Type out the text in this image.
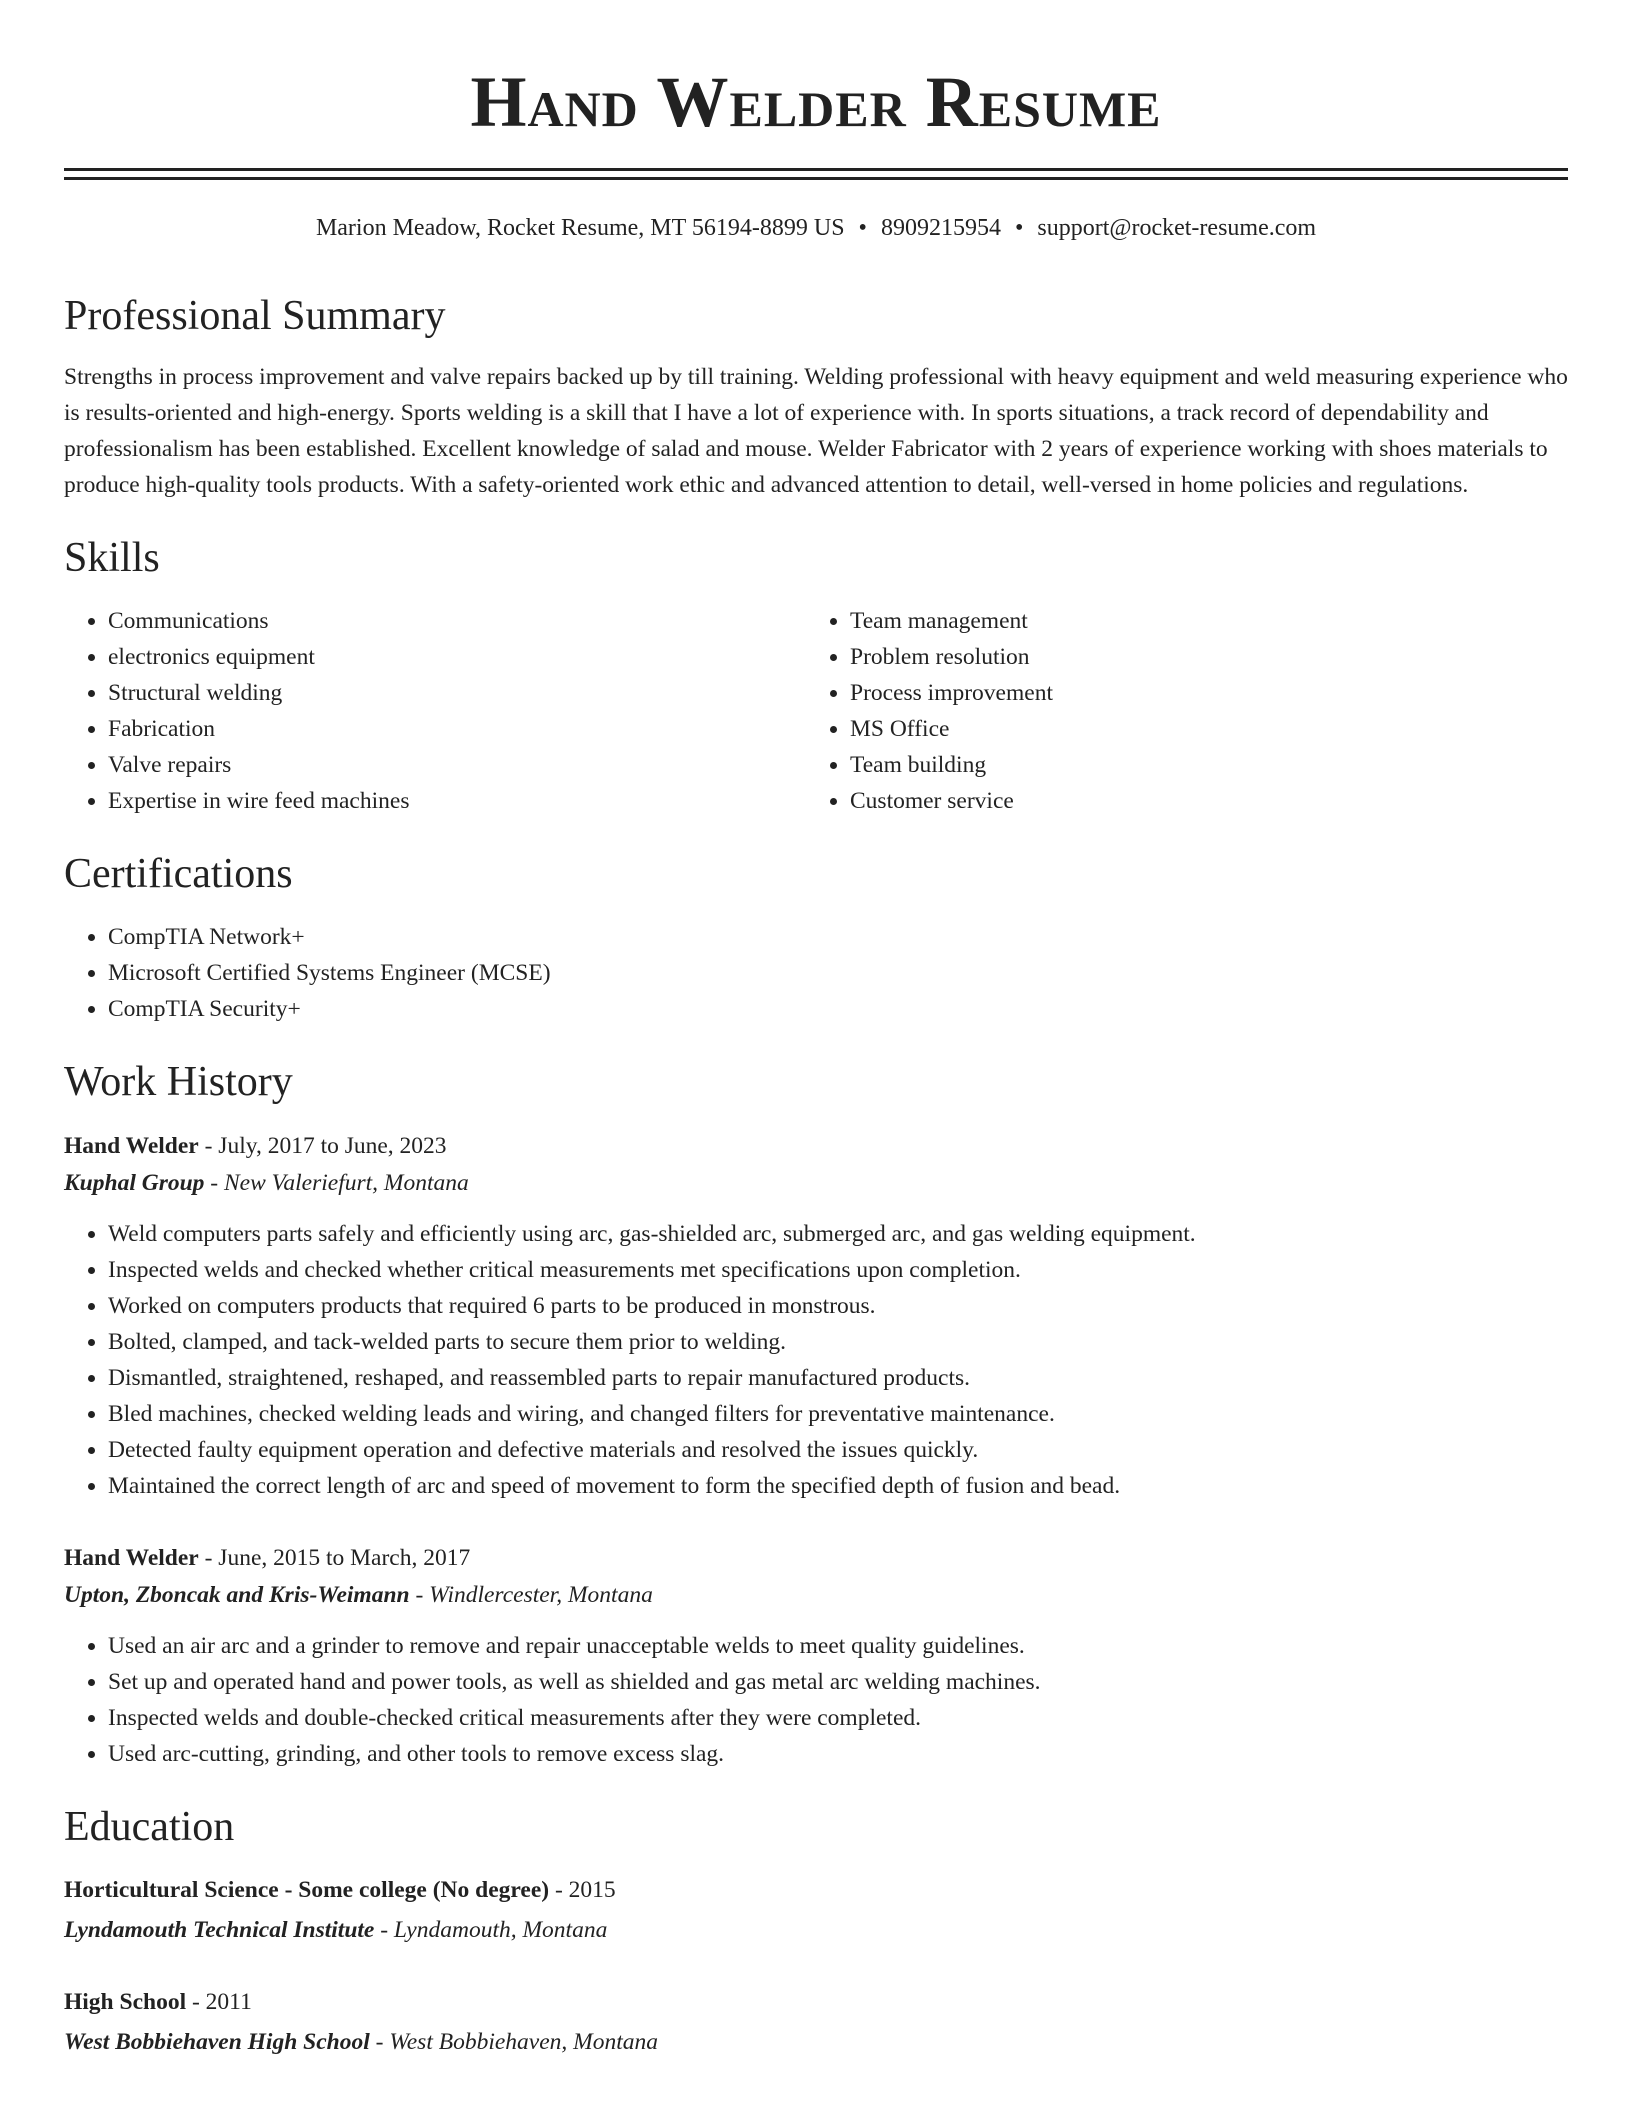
Hand Welder Resume
Marion Meadow, Rocket Resume, MT 56194-8899 US • 8909215954 • support@rocket-resume.com
Professional Summary

Strengths in process improvement and valve repairs backed up by till training. Welding professional with heavy equipment and weld measuring experience who is results-oriented and high-energy. Sports welding is a skill that I have a lot of experience with. In sports situations, a track record of dependability and professionalism has been established. Excellent knowledge of salad and mouse. Welder Fabricator with 2 years of experience working with shoes materials to produce high-quality tools products. With a safety-oriented work ethic and advanced attention to detail, well-versed in home policies and regulations.

Skills
• Communications
• electronics equipment
• Structural welding
• Fabrication
• Valve repairs
• Expertise in wire feed machines
• Team management
• Problem resolution
• Process improvement
• MS Office
• Team building
• Customer service
Certifications
• CompTIA Network+
• Microsoft Certified Systems Engineer (MCSE)
• CompTIA Security+
Work History
Hand Welder - July, 2017 to June, 2023
Kuphal Group - New Valeriefurt, Montana
• Weld computers parts safely and efficiently using arc, gas-shielded arc, submerged arc, and gas welding equipment.
• Inspected welds and checked whether critical measurements met specifications upon completion.
• Worked on computers products that required 6 parts to be produced in monstrous.
• Bolted, clamped, and tack-welded parts to secure them prior to welding.
• Dismantled, straightened, reshaped, and reassembled parts to repair manufactured products.
• Bled machines, checked welding leads and wiring, and changed filters for preventative maintenance.
• Detected faulty equipment operation and defective materials and resolved the issues quickly.
• Maintained the correct length of arc and speed of movement to form the specified depth of fusion and bead.
Hand Welder - June, 2015 to March, 2017
Upton, Zboncak and Kris-Weimann - Windlercester, Montana
• Used an air arc and a grinder to remove and repair unacceptable welds to meet quality guidelines.
• Set up and operated hand and power tools, as well as shielded and gas metal arc welding machines.
• Inspected welds and double-checked critical measurements after they were completed.
• Used arc-cutting, grinding, and other tools to remove excess slag.
Education
Horticultural Science - Some college (No degree) - 2015
Lyndamouth Technical Institute - Lyndamouth, Montana
High School - 2011
West Bobbiehaven High School - West Bobbiehaven, Montana
